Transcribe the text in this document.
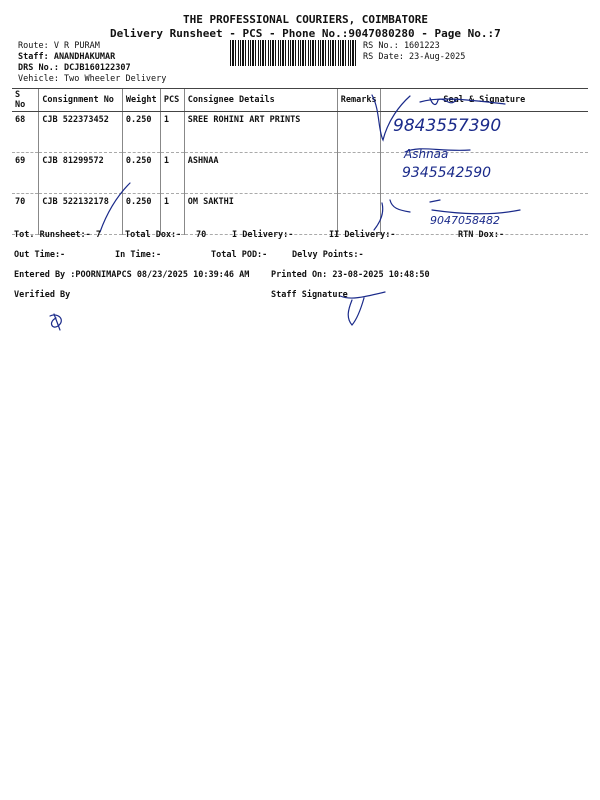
THE PROFESSIONAL COURIERS, COIMBATORE
Delivery Runsheet - PCS - Phone No.:9047080280 - Page No.:7
Route: V R PURAM
Staff: ANANDHAKUMAR
DRS No.: DCJB160122307
Vehicle: Two Wheeler Delivery
RS No.: 1601223
RS Date: 23-Aug-2025
S No	Consignment No	Weight	PCS	Consignee Details	Remarks	Seal & Signature
68	CJB 522373452	0.250	1	SREE ROHINI ART PRINTS		
69	CJB 81299572	0.250	1	ASHNAA		
70	CJB 522132178	0.250	1	OM SAKTHI		
9843557390
Ashnaa
9345542590
9047058482
Tot. Runsheet:- 7	Total Dox:- 70	I Delivery:-	II Delivery:-	RTN Dox:-
Out Time:-	In Time:-	Total POD:-	Delvy Points:-
Entered By :POORNIMAPCS 08/23/2025 10:39:46 AM	Printed On: 23-08-2025 10:48:50
Verified By	Staff Signature
